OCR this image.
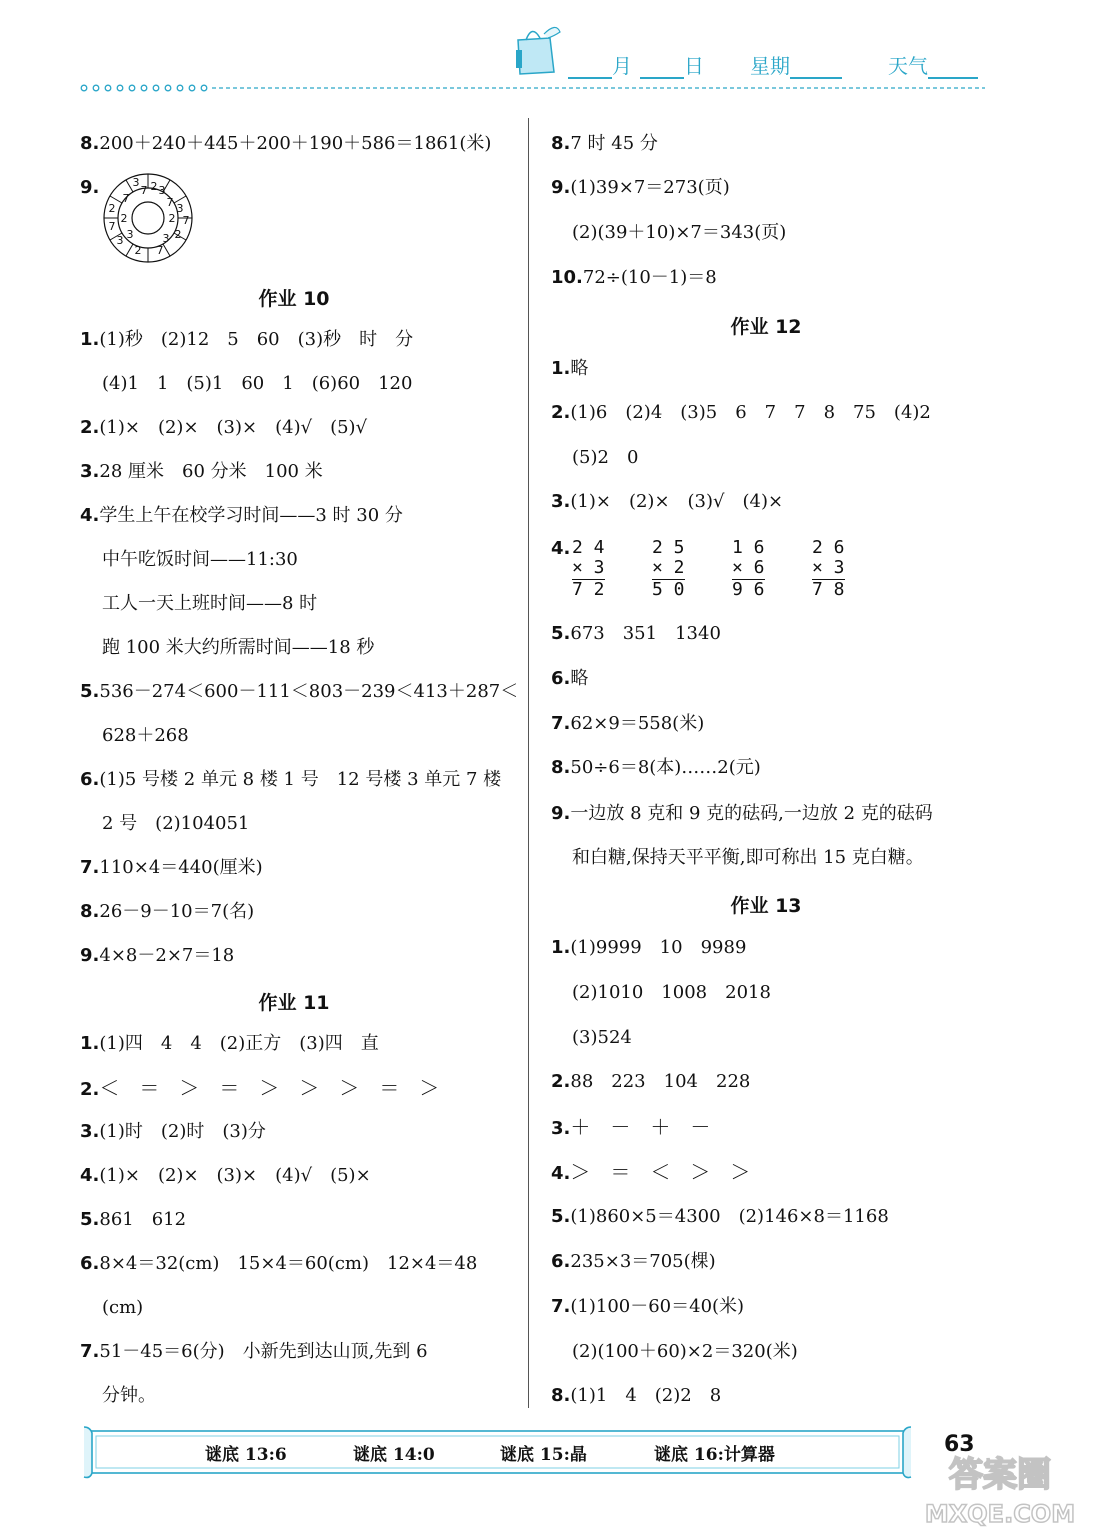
月	日 星期	天气
8.200＋240＋445＋200＋190＋586＝1861(米)
9.	3
7 2 3
2
7
3
2
3
7
2
7
7
2
3
7
2
3
作业 10
1.(1)秒　(2)12　5　60　(3)秒　时　分
(4)1　1　(5)1　60　1　(6)60　120
2.(1)×　(2)×　(3)×　(4)√　(5)√
3.28 厘米　60 分米　100 米
4.学生上午在校学习时间——3 时 30 分
中午吃饭时间——11:30
工人一天上班时间——8 时
跑 100 米大约所需时间——18 秒
5.536－274＜600－111＜803－239＜413＋287＜
628＋268
6.(1)5 号楼 2 单元 8 楼 1 号　12 号楼 3 单元 7 楼
2 号　(2)104051
7.110×4＝440(厘米)
8.26－9－10＝7(名)
9.4×8－2×7＝18
作业 11
1.(1)四　4　4　(2)正方　(3)四　直
2.＜　＝　＞　＝　＞　＞　＞　＝　＞
3.(1)时　(2)时　(3)分
4.(1)×　(2)×　(3)×　(4)√　(5)×
5.861　612
6.8×4＝32(cm)　15×4＝60(cm)　12×4＝48
(cm)
7.51－45＝6(分)　小新先到达山顶,先到 6
分钟。
8.7 时 45 分
9.(1)39×7＝273(页)
(2)(39＋10)×7＝343(页)
10.72÷(10－1)＝8
作业 12
1.略
2.(1)6　(2)4　(3)5　6　7　7　8　75　(4)2
(5)2　0
3.(1)×　(2)×　(3)√　(4)×
4. 2 4
× 3
7 2
2 5
× 2
5 0
1 6
× 6
9 6
2 6
× 3
7 8
5.673　351　1340
6.略
7.62×9＝558(米)
8.50÷6＝8(本)……2(元)
9.一边放 8 克和 9 克的砝码,一边放 2 克的砝码
和白糖,保持天平平衡,即可称出 15 克白糖。
作业 13
1.(1)9999　10　9989
(2)1010　1008　2018
(3)524
2.88　223　104　228
3.＋　－　＋　－
4.＞　＝　＜　＞　＞
5.(1)860×5＝4300　(2)146×8＝1168
6.235×3＝705(棵)
7.(1)100－60＝40(米)
(2)(100＋60)×2＝320(米)
8.(1)1　4　(2)2　8
谜底 13:6	谜底 14:0	谜底 15:晶	谜底 16:计算器	63
答案圈
MXQE.COM
